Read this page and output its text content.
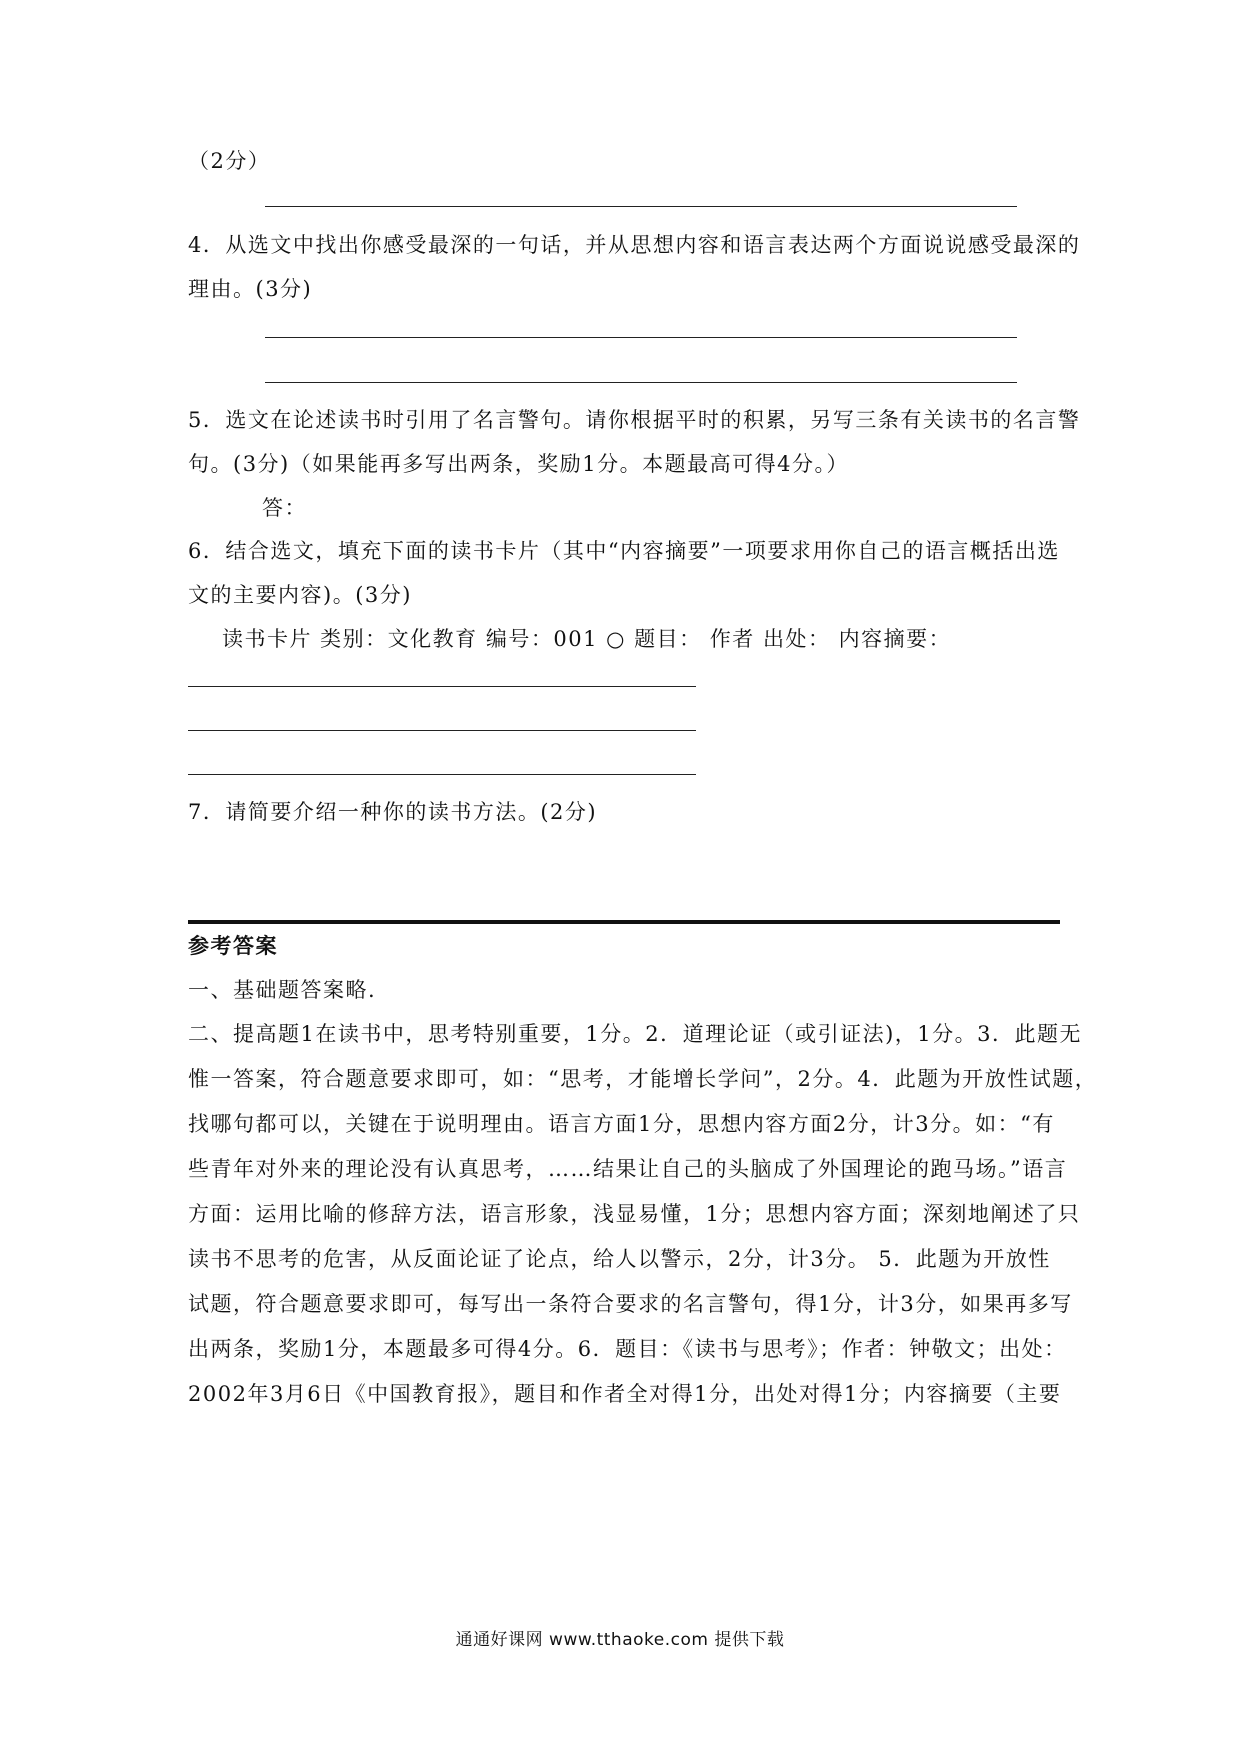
（2分）
4．从选文中找出你感受最深的一句话，并从思想内容和语言表达两个方面说说感受最深的
理由。(3分)
5．选文在论述读书时引用了名言警句。请你根据平时的积累，另写三条有关读书的名言警
句。(3分)（如果能再多写出两条，奖励1分。本题最高可得4分。）
答：
6．结合选文，填充下面的读书卡片（其中“内容摘要”一项要求用你自己的语言概括出选
文的主要内容)。(3分)
读书卡片 类别：文化教育 编号：001 ○ 题目： 作者 出处： 内容摘要：
7．请简要介绍一种你的读书方法。(2分)
参考答案
一、基础题答案略.
二、提高题1在读书中，思考特别重要，1分。2．道理论证（或引证法)，1分。3．此题无
惟一答案，符合题意要求即可，如：“思考，才能增长学问”，2分。4．此题为开放性试题，
找哪句都可以，关键在于说明理由。语言方面1分，思想内容方面2分，计3分。如：“有
些青年对外来的理论没有认真思考，……结果让自己的头脑成了外国理论的跑马场。”语言
方面：运用比喻的修辞方法，语言形象，浅显易懂，1分；思想内容方面；深刻地阐述了只
读书不思考的危害，从反面论证了论点，给人以警示，2分，计3分。 5．此题为开放性
试题，符合题意要求即可，每写出一条符合要求的名言警句，得1分，计3分，如果再多写
出两条，奖励1分，本题最多可得4分。6．题目：《读书与思考》；作者：钟敬文；出处：
2002年3月6日《中国教育报》，题目和作者全对得1分，出处对得1分；内容摘要（主要
通通好课网 www.tthaoke.com 提供下载
